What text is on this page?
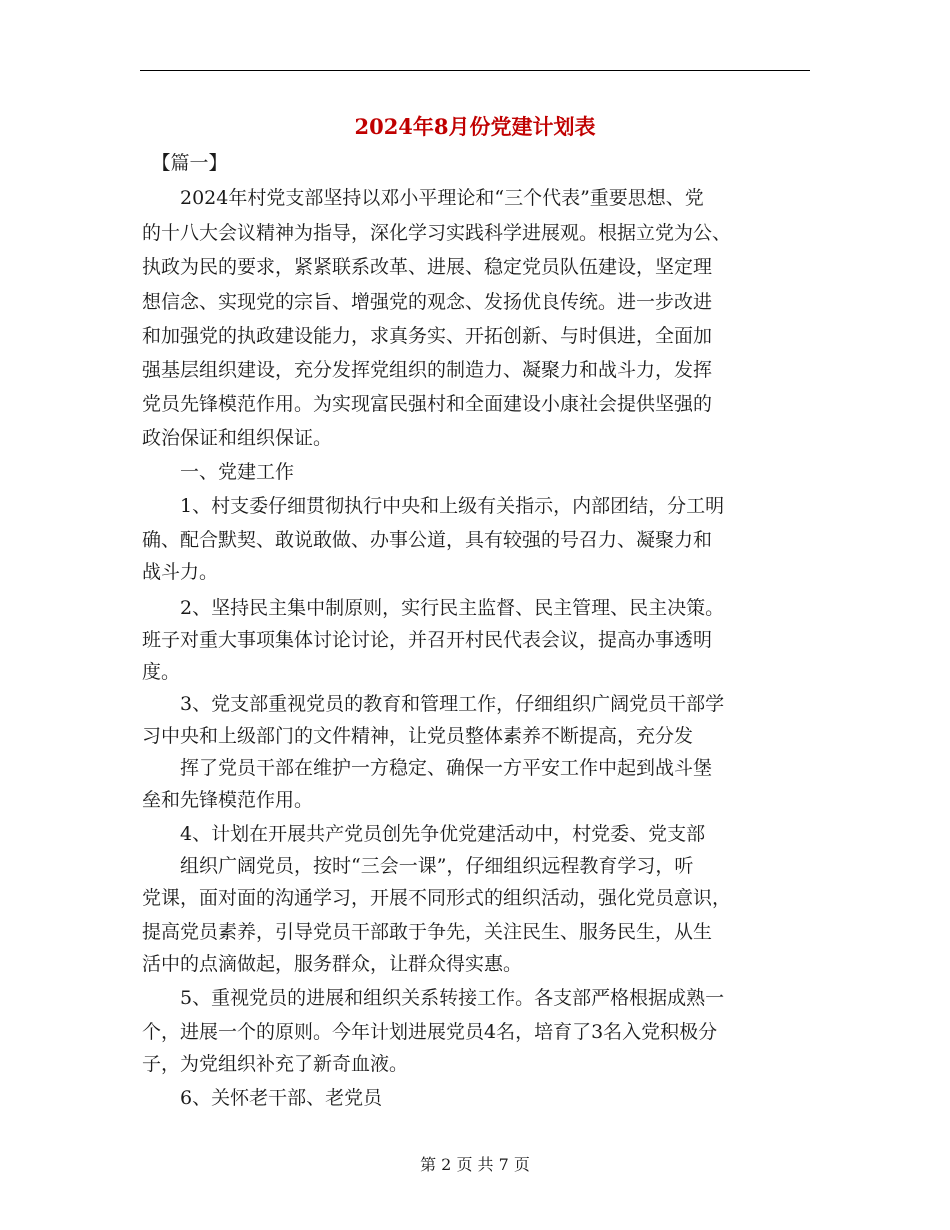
2024年8月份党建计划表
　【篇一】
　　2024年村党支部坚持以邓小平理论和“三个代表”重要思想、党
的十八大会议精神为指导，深化学习实践科学进展观。根据立党为公、
执政为民的要求，紧紧联系改革、进展、稳定党员队伍建设，坚定理
想信念、实现党的宗旨、增强党的观念、发扬优良传统。进一步改进
和加强党的执政建设能力，求真务实、开拓创新、与时俱进，全面加
强基层组织建设，充分发挥党组织的制造力、凝聚力和战斗力，发挥
党员先锋模范作用。为实现富民强村和全面建设小康社会提供坚强的
政治保证和组织保证。
　　一、党建工作
　　1、村支委仔细贯彻执行中央和上级有关指示，内部团结，分工明
确、配合默契、敢说敢做、办事公道，具有较强的号召力、凝聚力和
战斗力。
　　2、坚持民主集中制原则，实行民主监督、民主管理、民主决策。
班子对重大事项集体讨论讨论，并召开村民代表会议，提高办事透明
度。
　　3、党支部重视党员的教育和管理工作，仔细组织广阔党员干部学
习中央和上级部门的文件精神，让党员整体素养不断提高，充分发
　　挥了党员干部在维护一方稳定、确保一方平安工作中起到战斗堡
垒和先锋模范作用。
　　4、计划在开展共产党员创先争优党建活动中，村党委、党支部
　　组织广阔党员，按时“三会一课”，仔细组织远程教育学习，听
党课，面对面的沟通学习，开展不同形式的组织活动，强化党员意识，
提高党员素养，引导党员干部敢于争先，关注民生、服务民生，从生
活中的点滴做起，服务群众，让群众得实惠。
　　5、重视党员的进展和组织关系转接工作。各支部严格根据成熟一
个，进展一个的原则。今年计划进展党员4名，培育了3名入党积极分
子，为党组织补充了新奇血液。
　　6、关怀老干部、老党员
第 2 页 共 7 页
